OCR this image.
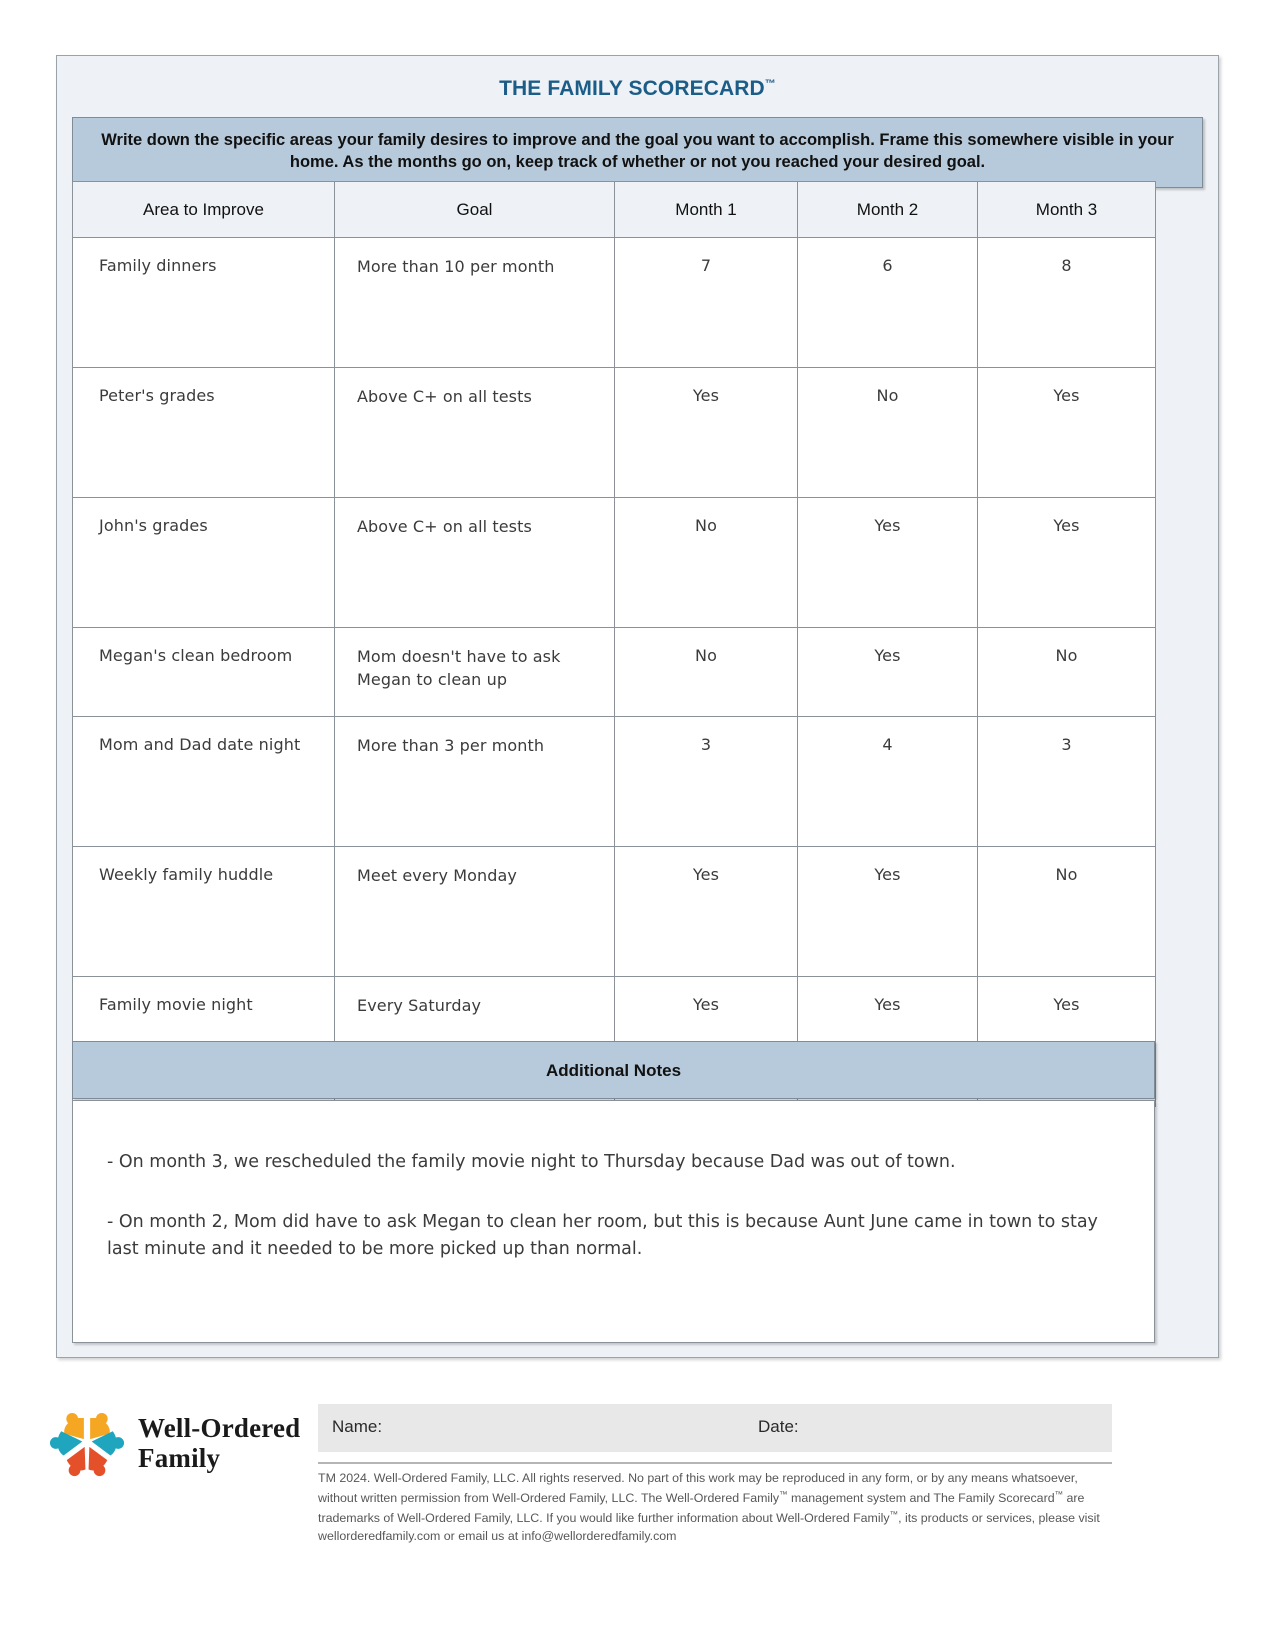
THE FAMILY SCORECARD™
Write down the specific areas your family desires to improve and the goal you want to accomplish. Frame this somewhere visible in your home. As the months go on, keep track of whether or not you reached your desired goal.
Area to Improve	Goal	Month 1	Month 2	Month 3
Family dinners	More than 10 per month	7	6	8
Peter's grades	Above C+ on all tests	Yes	No	Yes
John's grades	Above C+ on all tests	No	Yes	Yes
Megan's clean bedroom	Mom doesn't have to ask Megan to clean up	No	Yes	No
Mom and Dad date night	More than 3 per month	3	4	3
Weekly family huddle	Meet every Monday	Yes	Yes	No
Family movie night	Every Saturday	Yes	Yes	Yes
Additional Notes
- On month 3, we rescheduled the family movie night to Thursday because Dad was out of town.
- On month 2, Mom did have to ask Megan to clean her room, but this is because Aunt June came in town to stay last minute and it needed to be more picked up than normal.
Well-Ordered
Family
Name:	Date:
TM 2024. Well-Ordered Family, LLC. All rights reserved. No part of this work may be reproduced in any form, or by any means whatsoever, without written permission from Well-Ordered Family, LLC. The Well-Ordered Family™ management system and The Family Scorecard™ are trademarks of Well-Ordered Family, LLC. If you would like further information about Well-Ordered Family™, its products or services, please visit wellorderedfamily.com or email us at info@wellorderedfamily.com
